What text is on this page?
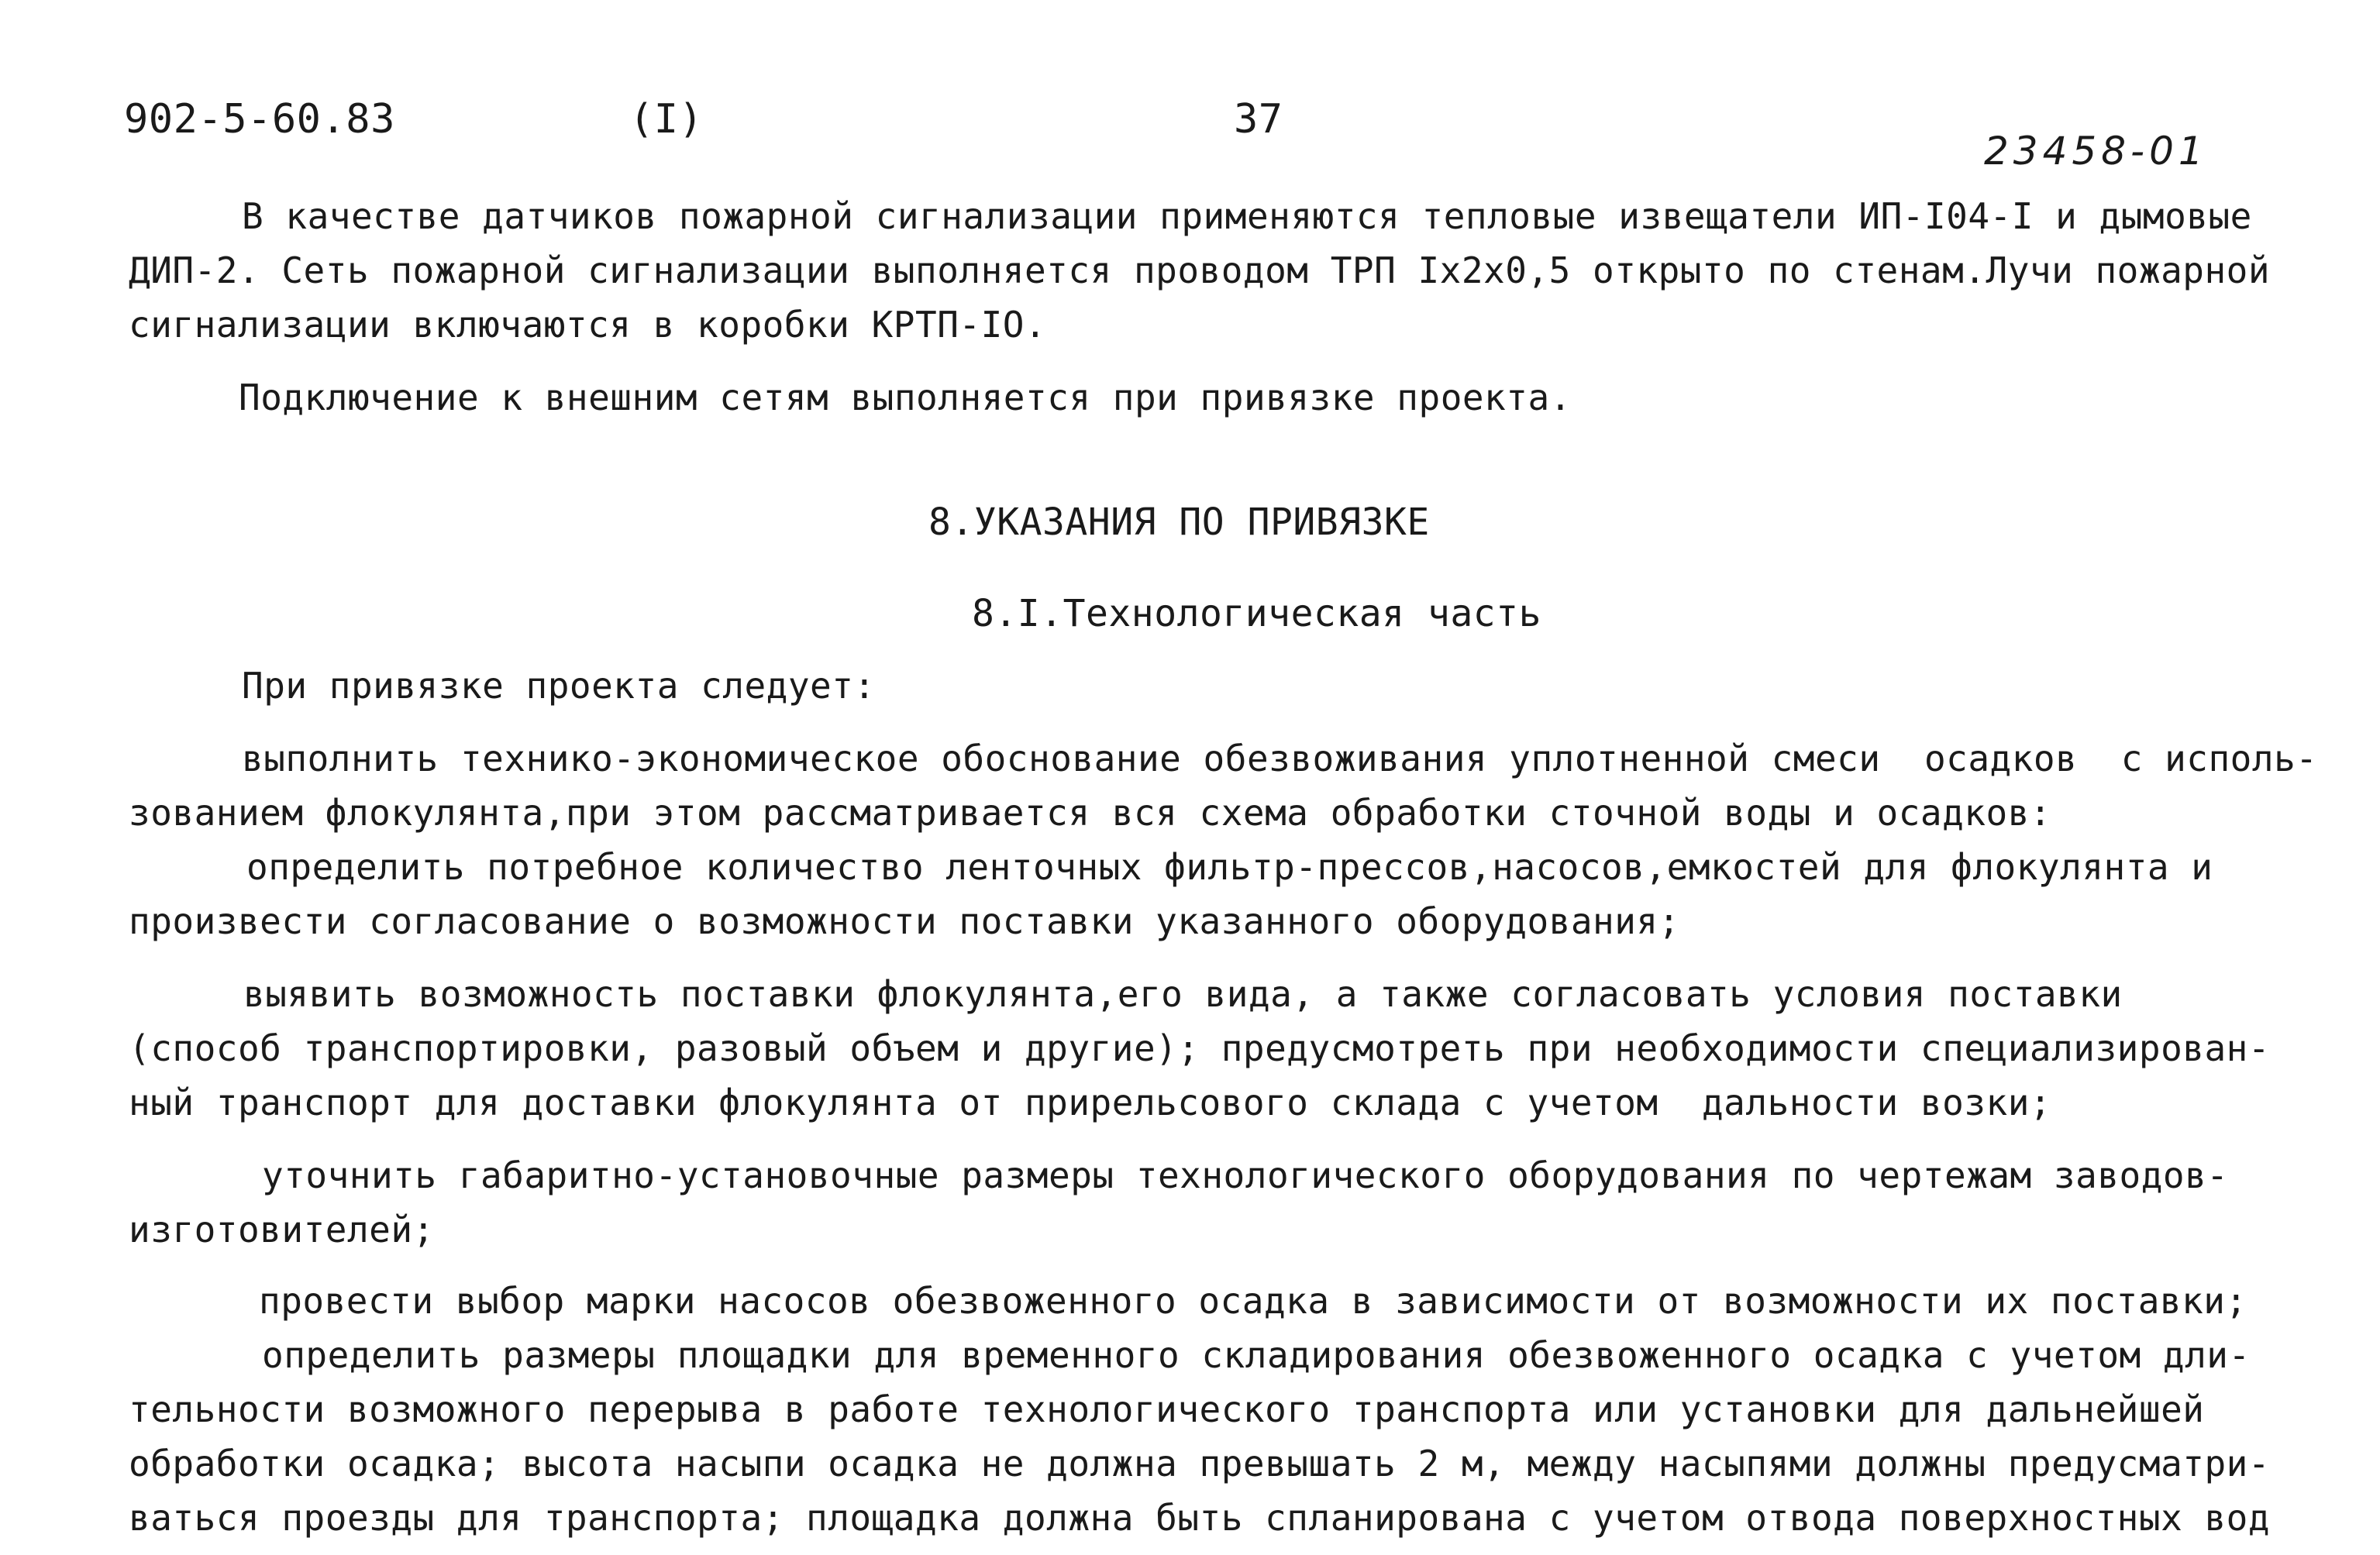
902-5-60.83	(I)	37
23458-01
В качестве датчиков пожарной сигнализации применяются тепловые извещатели ИП-I04-I и дымовые
ДИП-2. Сеть пожарной сигнализации выполняется проводом ТРП Iх2х0,5 открыто по стенам.Лучи пожарной
сигнализации включаются в коробки КРТП-IO.
Подключение к внешним сетям выполняется при привязке проекта.
8.УКАЗАНИЯ ПО ПРИВЯЗКЕ
8.I.Технологическая часть
При привязке проекта следует:
выполнить технико-экономическое обоснование обезвоживания уплотненной смеси  осадков  с исполь-
зованием флокулянта,при этом рассматривается вся схема обработки сточной воды и осадков:
определить потребное количество ленточных фильтр-прессов,насосов,емкостей для флокулянта и
произвести согласование о возможности поставки указанного оборудования;
выявить возможность поставки флокулянта,его вида, а также согласовать условия поставки
(способ транспортировки, разовый объем и другие); предусмотреть при необходимости специализирован-
ный транспорт для доставки флокулянта от прирельсового склада с учетом  дальности возки;
уточнить габаритно-установочные размеры технологического оборудования по чертежам заводов-
изготовителей;
провести выбор марки насосов обезвоженного осадка в зависимости от возможности их поставки;
определить размеры площадки для временного складирования обезвоженного осадка с учетом дли-
тельности возможного перерыва в работе технологического транспорта или установки для дальнейшей
обработки осадка; высота насыпи осадка не должна превышать 2 м, между насыпями должны предусматри-
ваться проезды для транспорта; площадка должна быть спланирована с учетом отвода поверхностных вод
